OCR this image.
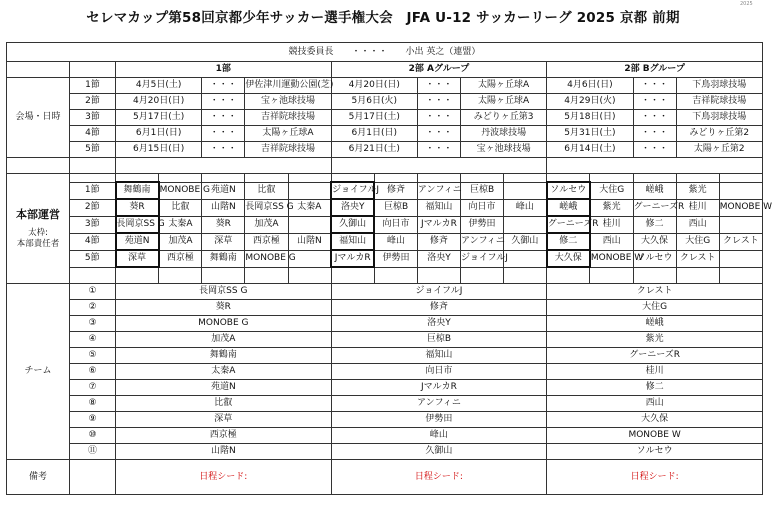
2025
セレマカップ第58回京都少年サッカー選手権大会　JFA U-12 サッカーリーグ 2025 京都 前期
競技委員長 ・・・・ 小出 英之（連盟）																
		1部					2部 Aグループ					2部 Bグループ				
会場・日時	1節	4月5日(土)		・・・	伊佐津川運動公園(芝)		4月20日(日)		・・・	太陽ヶ丘球A		4月6日(日)		・・・	下鳥羽球技場	
	2節	4月20日(日)		・・・	宝ヶ池球技場		5月6日(火)		・・・	太陽ヶ丘球A		4月29日(火)		・・・	吉祥院球技場	
	3節	5月17日(土)		・・・	吉祥院球技場		5月17日(土)		・・・	みどりヶ丘第3		5月18日(日)		・・・	下鳥羽球技場	
	4節	6月1日(日)		・・・	太陽ヶ丘球A		6月1日(日)		・・・	丹波球技場		5月31日(土)		・・・	みどりヶ丘第2	
	5節	6月15日(日)		・・・	吉祥院球技場		6月21日(土)		・・・	宝ヶ池球技場		6月14日(土)		・・・	太陽ヶ丘第2	

本部運営
太枠:
本部責任者																

	1節	舞鶴南	MONOBE G	苑道N	比叡		ジョイフルJ	修斉	アンフィニ	巨椋B		ソルセウ	大住G	嵯峨	紫光	
	2節	葵R	比叡	山階N	長岡京SS G	太秦A	洛央Y	巨椋B	福知山	向日市	峰山	嵯峨	紫光	グーニーズR	桂川	MONOBE W
	3節	長岡京SS G	太秦A	葵R	加茂A		久御山	向日市	JマルカR	伊勢田		グーニーズR	桂川	修二	西山	
	4節	苑道N	加茂A	深草	西京極	山階N	福知山	峰山	修斉	アンフィニ	久御山	修二	西山	大久保	大住G	クレスト
	5節	深草	西京極	舞鶴南	MONOBE G		JマルカR	伊勢田	洛央Y	ジョイフルJ		大久保	MONOBE W	ソルセウ	クレスト	

チーム	①	長岡京SS G					ジョイフルJ					クレスト				
	②	葵R					修斉					大住G				
	③	MONOBE G					洛央Y					嵯峨				
	④	加茂A					巨椋B					紫光				
	⑤	舞鶴南					福知山					グーニーズR				
	⑥	太秦A					向日市					桂川				
	⑦	苑道N					JマルカR					修二				
	⑧	比叡					アンフィニ					西山				
	⑨	深草					伊勢田					大久保				
	⑩	西京極					峰山					MONOBE W				
	⑪	山階N					久御山					ソルセウ				
備考		日程シード:					日程シード:					日程シード:				
